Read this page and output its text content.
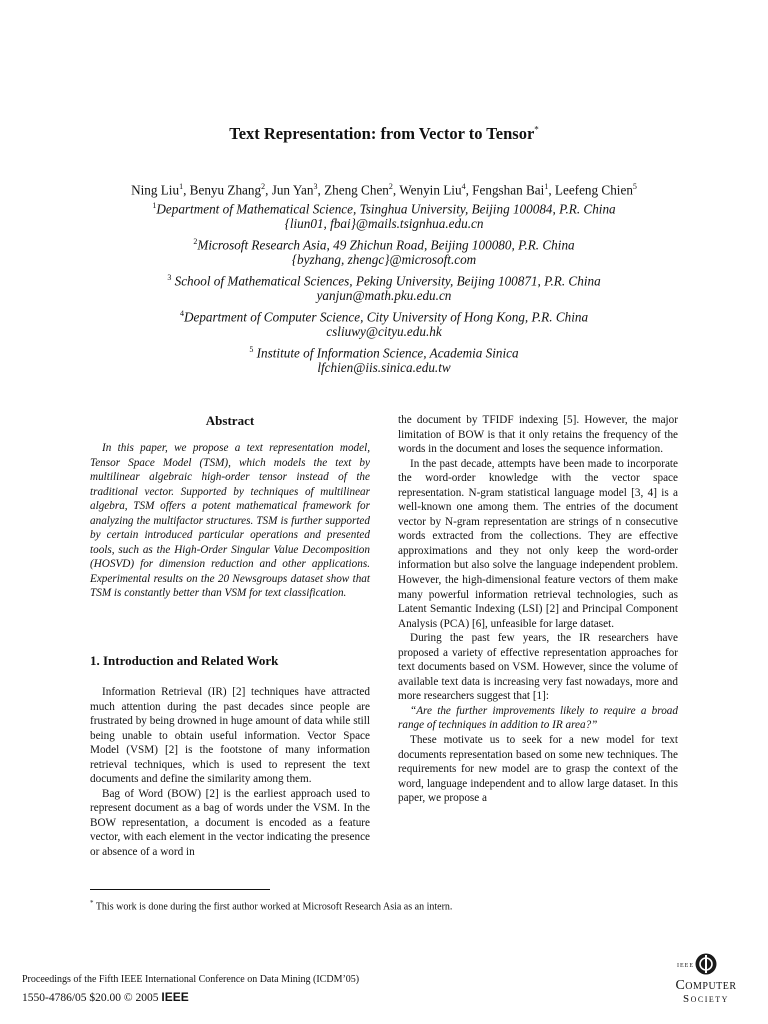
Text Representation: from Vector to Tensor*
Ning Liu$^1$, Benyu Zhang$^2$, Jun Yan$^3$, Zheng Chen$^2$, Wenyin Liu$^4$, Fengshan Bai$^1$, Leefeng Chien$^5$
$^1$Department of Mathematical Science, Tsinghua University, Beijing 100084, P.R. China
{liun01, fbai}@mails.tsignhua.edu.cn
$^2$Microsoft Research Asia, 49 Zhichun Road, Beijing 100080, P.R. China
{byzhang, zhengc}@microsoft.com
$^3$ School of Mathematical Sciences, Peking University, Beijing 100871, P.R. China
yanjun@math.pku.edu.cn
$^4$Department of Computer Science, City University of Hong Kong, P.R. China
csliuwy@cityu.edu.hk
$^5$ Institute of Information Science, Academia Sinica
lfchien@iis.sinica.edu.tw
Abstract

In this paper, we propose a text representation model, Tensor Space Model (TSM), which models the text by multilinear algebraic high-order tensor instead of the traditional vector. Supported by techniques of multilinear algebra, TSM offers a potent mathematical framework for analyzing the multifactor structures. TSM is further supported by certain introduced particular operations and presented tools, such as the High-Order Singular Value Decomposition (HOSVD) for dimension reduction and other applications. Experimental results on the 20 Newsgroups dataset show that TSM is constantly better than VSM for text classification.

1. Introduction and Related Work

Information Retrieval (IR) [2] techniques have attracted much attention during the past decades since people are frustrated by being drowned in huge amount of data while still being unable to obtain useful information. Vector Space Model (VSM) [2] is the footstone of many information retrieval techniques, which is used to represent the text documents and define the similarity among them.

Bag of Word (BOW) [2] is the earliest approach used to represent document as a bag of words under the VSM. In the BOW representation, a document is encoded as a feature vector, with each element in the vector indicating the presence or absence of a word in

the document by TFIDF indexing [5]. However, the major limitation of BOW is that it only retains the frequency of the words in the document and loses the sequence information.

In the past decade, attempts have been made to incorporate the word-order knowledge with the vector space representation. N-gram statistical language model [3, 4] is a well-known one among them. The entries of the document vector by N-gram representation are strings of n consecutive words extracted from the collections. They are effective approximations and they not only keep the word-order information but also solve the language independent problem. However, the high-dimensional feature vectors of them make many powerful information retrieval technologies, such as Latent Semantic Indexing (LSI) [2] and Principal Component Analysis (PCA) [6], unfeasible for large dataset.

During the past few years, the IR researchers have proposed a variety of effective representation approaches for text documents based on VSM. However, since the volume of available text data is increasing very fast nowadays, more and more researchers suggest that [1]:

“Are the further improvements likely to require a broad range of techniques in addition to IR area?”

These motivate us to seek for a new model for text documents representation based on some new techniques. The requirements for new model are to grasp the context of the word, language independent and to allow large dataset. In this paper, we propose a

* This work is done during the first author worked at Microsoft Research Asia as an intern.
Proceedings of the Fifth IEEE International Conference on Data Mining (ICDM’05)
1550-4786/05 $20.00 © 2005 IEEE
IEEE
Computer
Society
